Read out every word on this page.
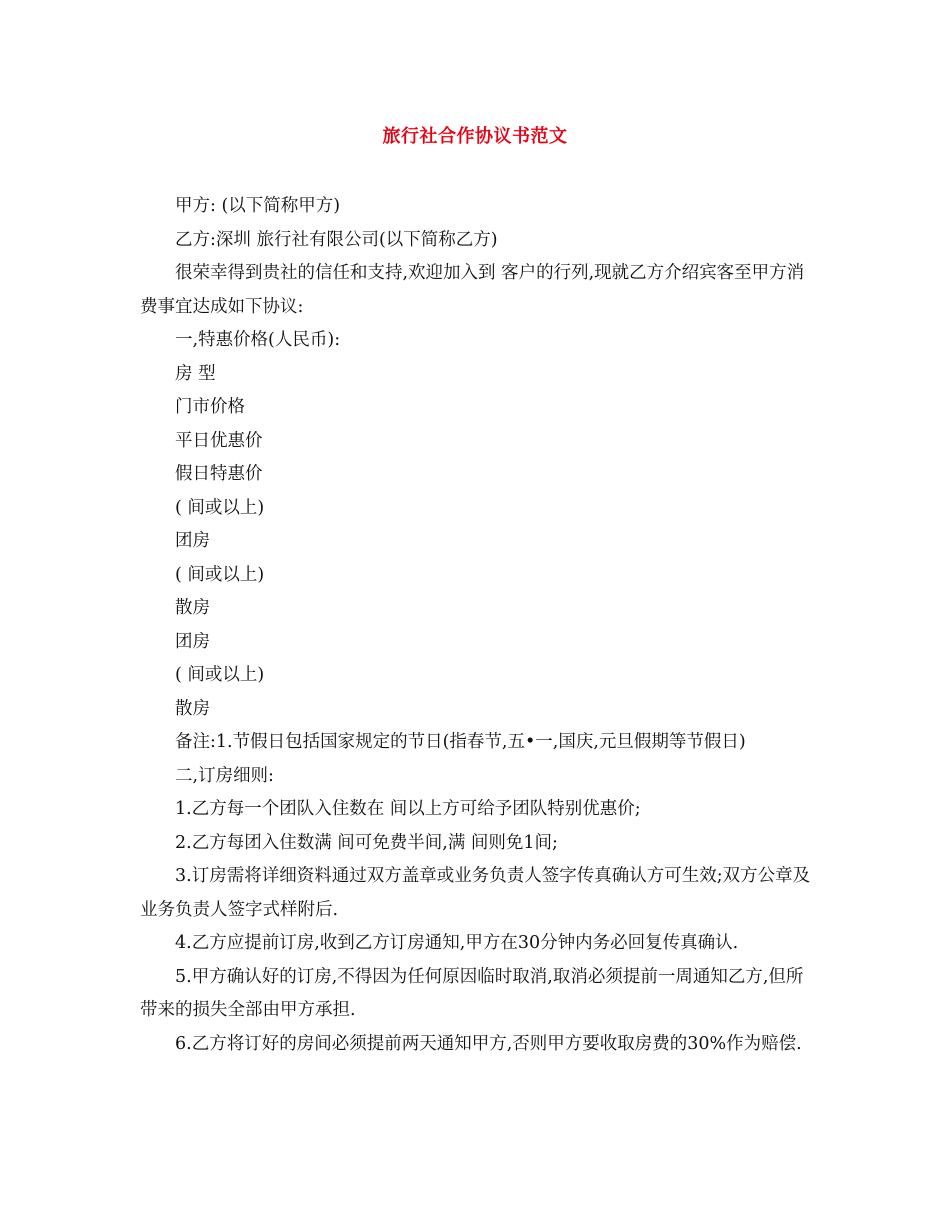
旅行社合作协议书范文

甲方: (以下简称甲方)

乙方:深圳 旅行社有限公司(以下简称乙方)

很荣幸得到贵社的信任和支持,欢迎加入到 客户的行列,现就乙方介绍宾客至甲方消费事宜达成如下协议:

一,特惠价格(人民币):

房 型

门市价格

平日优惠价

假日特惠价

( 间或以上)

团房

( 间或以上)

散房

团房

( 间或以上)

散房

备注:1.节假日包括国家规定的节日(指春节,五•一,国庆,元旦假期等节假日)

二,订房细则:

1.乙方每一个团队入住数在 间以上方可给予团队特别优惠价;

2.乙方每团入住数满 间可免费半间,满 间则免1间;

3.订房需将详细资料通过双方盖章或业务负责人签字传真确认方可生效;双方公章及业务负责人签字式样附后.

4.乙方应提前订房,收到乙方订房通知,甲方在30分钟内务必回复传真确认.

5.甲方确认好的订房,不得因为任何原因临时取消,取消必须提前一周通知乙方,但所带来的损失全部由甲方承担.

6.乙方将订好的房间必须提前两天通知甲方,否则甲方要收取房费的30%作为赔偿.
